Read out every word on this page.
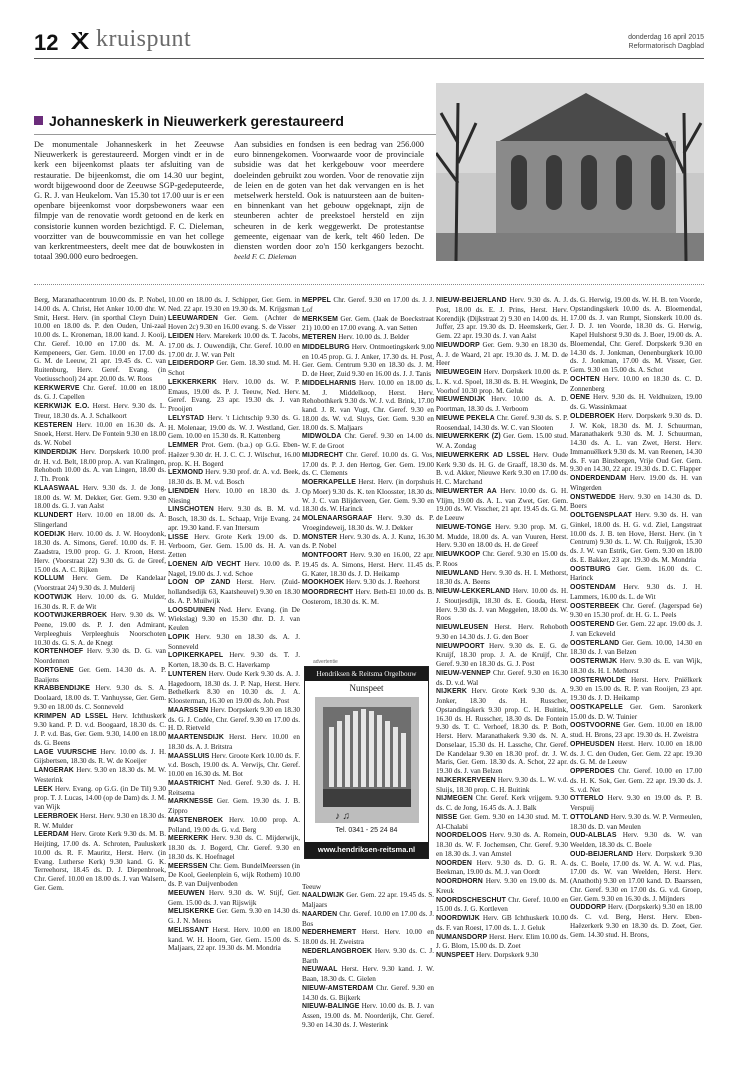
12 kruispunt	donderdag 16 april 2015
Reformatorisch Dagblad
Johanneskerk in Nieuwerkerk gerestaureerd
De monumentale Johanneskerk in het Zeeuwse Nieuwerkerk is gerestaureerd. Morgen vindt er in de kerk een bijeenkomst plaats ter afsluiting van de restauratie. De bijeenkomst, die om 14.30 uur begint, wordt bijgewoond door de Zeeuwse SGP-gedeputeerde, G. R. J. van Heukelom. Van 15.30 tot 17.00 uur is er een openbare bijeenkomst voor dorpsbewoners waar een filmpje van de renovatie wordt getoond en de kerk en consistorie kunnen worden bezichtigd. F. C. Dieleman, voorzitter van de bouwcommissie en van het college van kerkrentmeesters, deelt mee dat de bouwkosten in totaal 390.000 euro bedroegen.
Aan subsidies en fondsen is een bedrag van 256.000 euro binnengekomen. Voorwaarde voor de provinciale subsidie was dat het kerkgebouw voor meerdere doeleinden gebruikt zou worden. Voor de renovatie zijn de leien en de goten van het dak vervangen en is het metselwerk hersteld. Ook is natuursteen aan de buiten- en binnenkant van het gebouw opgeknapt, zijn de steunberen achter de preekstoel hersteld en zijn scheuren in de kerk weggewerkt. De protestantse gemeente, eigenaar van de kerk, telt 460 leden. De diensten worden door zo'n 150 kerkgangers bezocht. beeld F. C. Dieleman

Berg, Maranathacentrum 10.00 ds. P. Nobel, 14.00 ds. A. Christ, Het Anker 10.00 dhr. W. Smit, Herst. Herv. (in sporthal Cleyn Duin) 10.00 en 18.00 ds. P. den Ouden, Uni-zaal 10.00 ds. L. Kroneman, 18.00 kand. J. Kooij, Chr. Geref. 10.00 en 17.00 ds. M. A. Kempeneers, Ger. Gem. 10.00 en 17.00 ds. G. M. de Leeuw, 21 apr. 19.45 ds. C. van Ruitenburg, Herv. Geref. Evang. (in Voetiusschool) 24 apr. 20.00 ds. W. Roos

KERKWERVE Chr. Geref. 10.00 en 18.00 ds. G. J. Capellen

KERKWIJK E.O. Herst. Herv. 9.30 ds. L. Treur, 18.30 ds. A. J. Schalkoort

KESTEREN Herv. 10.00 en 16.30 ds. A. Snoek, Herst. Herv. De Fontein 9.30 en 18.00 ds. W. Nobel

KINDERDIJK Herv. Dorpskerk 10.00 prof. dr. H. v.d. Belt, 18.00 prop. A. van Kralingen, Rehoboth 10.00 ds. A. van Lingen, 18.00 ds. J. Th. Pronk

KLAASWAAL Herv. 9.30 ds. J. de Jong, 18.00 ds. W. M. Dekker, Ger. Gem. 9.30 en 18.00 ds. G. J. van Aalst

KLUNDERT Herv. 10.00 en 18.00 ds. A. Slingerland

KOEDIJK Herv. 10.00 ds. J. W. Hooydonk, 18.30 ds. A. Simons, Geref. 10.00 ds. F. H. Zaadstra, 19.00 prop. G. J. Kroon, Herst. Herv. (Voorstraat 22) 9.30 ds. G. de Greef, 15.00 ds. A. C. Rijken

KOLLUM Herv. Gem. De Kandelaar (Voorstraat 24) 9.30 ds. J. Mulderij

KOOTWIJK Herv. 10.00 ds. G. Mulder, 16.30 ds. R. F. de Wit

KOOTWIJKERBROEK Herv. 9.30 ds. W. Peene, 19.00 ds. P. J. den Admirant, Verpleeghuis Verpleeghuis Noorschoten 10.30 ds. G. S. A. de Knegt

KORTENHOEF Herv. 9.30 ds. D. G. van Noordennen

KORTGENE Ger. Gem. 14.30 ds. A. P. Baaijens

KRABBENDIJKE Herv. 9.30 ds. S. A. Doolaard, 18.00 ds. T. Vanhuysse, Ger. Gem. 9.30 en 18.00 ds. C. Sonneveld

KRIMPEN AD LSSEL Herv. Ichthuskerk 9.30 kand. P. D. v.d. Boogaard, 18.30 ds. C. J. P. v.d. Bas, Ger. Gem. 9.30, 14.00 en 18.00 ds. G. Beens

LAGE VUURSCHE Herv. 10.00 ds. J. H. Gijsbertsen, 18.30 ds. R. W. de Koeijer

LANGERAK Herv. 9.30 en 18.30 ds. M. W. Westerink

LEEK Herv. Evang. op G.G. (in De Til) 9.30 prop. T. J. Lucas, 14.00 (op de Dam) ds. J. M. van Wijk

LEERBROEK Herst. Herv. 9.30 en 18.30 ds. R. W. Mulder

LEERDAM Herv. Grote Kerk 9.30 ds. M. B. Heijting, 17.00 ds. A. Schroten, Pauluskerk 10.00 ds. R. F. Mauritz, Herst. Herv. (in Evang. Lutherse Kerk) 9.30 kand. G. K. Terreehorst, 18.45 ds. D. J. Diepenbroek, Chr. Geref. 10.00 en 18.00 ds. J. van Walsem, Ger. Gem.

10.00 en 18.00 ds. J. Schipper, Ger. Gem. in Ned. 22 apr. 19.30 en 19.30 ds. M. Krijgsman

LEEUWARDEN Ger. Gem. (Achter de Hoven 2c) 9.30 en 16.00 evang. S. de Visser

LEIDEN Herv. Marekerk 10.00 ds. T. Jacobs, 17.00 ds. J. Ouwendijk, Chr. Geref. 10.00 en 17.00 dr. J. W. van Pelt

LEIDERDORP Ger. Gem. 18.30 stud. M. H. Schot

LEKKERKERK Herv. 10.00 ds. W. P. Emaus, 19.00 ds. P. J. Teeuw, Ned. Herv. Geref. Evang. 23 apr. 19.30 ds. J. van Prooijen

LELYSTAD Herv. 't Lichtschip 9.30 ds. G. H. Molenaar, 19.00 ds. W. J. Westland, Ger. Gem. 10.00 en 15.30 ds. R. Kattenberg

LEMMER Prot. Gem. (b.a.) op G.G. Eben-Haëzer 9.30 dr. H. J. C. C. J. Wilschut, 16.00 prop. K. H. Bogerd

LEXMOND Herv. 9.30 prof. dr. A. v.d. Beek, 18.30 ds. B. M. v.d. Bosch

LIENDEN Herv. 10.00 en 18.30 ds. J. Niesing

LINSCHOTEN Herv. 9.30 ds. B. M. v.d. Bosch, 18.30 ds. L. Schaap, Vrije Evang. 24 apr. 19.30 kand. F. van Ittersum

LISSE Herv. Grote Kerk 19.00 ds. D. Verboom, Ger. Gem. 15.00 ds. H. A. van Zetten

LOENEN A/D VECHT Herv. 10.00 ds. P. Nagel, 19.00 ds. J. v.d. Schoe

LOON OP ZAND Herst. Herv. (Zuid-hollandsedijk 63, Kaatsheuvel) 9.30 en 18.30 ds. A. P. Muilwijk

LOOSDUINEN Ned. Herv. Evang. (in De Wiekslag) 9.30 en 15.30 dhr. D. J. van Keulen

LOPIK Herv. 9.30 en 18.30 ds. A. J. Sonneveld

LOPIKERKAPEL Herv. 9.30 ds. T. J. Korten, 18.30 ds. B. C. Haverkamp

LUNTEREN Herv. Oude Kerk 9.30 ds. A. J. Hagedoorn, 18.30 ds. J. P. Nap, Herst. Herv. Bethelkerk 8.30 en 10.30 ds. J. A. Kloosterman, 16.30 en 19.00 ds. Joh. Post

MAARSSEN Herv. Dorpskerk 9.30 en 18.30 ds. G. J. Codée, Chr. Geref. 9.30 en 17.00 ds. H. D. Rietveld

MAARTENSDIJK Herst. Herv. 10.00 en 18.30 ds. A. J. Britstra

MAASSLUIS Herv. Groote Kerk 10.00 ds. F. v.d. Bosch, 19.00 ds. A. Verwijs, Chr. Geref. 10.00 en 16.30 ds. M. Bot

MAASTRICHT Ned. Geref. 9.30 ds. J. H. Reitsema

MARKNESSE Ger. Gem. 19.30 ds. J. B. Zippro

MASTENBROEK Herv. 10.00 prop. A. Polland, 19.00 ds. G. v.d. Berg

MEERKERK Herv. 9.30 ds. C. Mijderwijk, 18.30 ds. J. Bogerd, Chr. Geref. 9.30 en 18.30 ds. K. Hoefnagel

MEERSSEN Chr. Gem. BundelMeerssen (in De Kool, Geelenplein 6, wijk Rothem) 10.00 ds. P. van Duijvenboden

MEEUWEN Herv. 9.30 ds. W. Stijf, Ger. Gem. 15.00 ds. J. van Rijswijk

MELISKERKE Ger. Gem. 9.30 en 14.30 ds. G. J. N. Meens

MELISSANT Herst. Herv. 10.00 en 18.00 kand. W. H. Hoorn, Ger. Gem. 15.00 ds. S. Maljaars, 22 apr. 19.30 ds. M. Mondria

MEPPEL Chr. Geref. 9.30 en 17.00 ds. J. J. Lof

MERKSEM Ger. Gem. (Jaak de Boeckstraat 21) 10.00 en 17.00 evang. A. van Setten

METEREN Herv. 10.00 ds. J. Belder

MIDDELBURG Herv. Ontmoetingskerk 9.00 en 10.45 prop. G. J. Anker, 17.30 ds. H. Post, Ger. Gem. Centrum 9.30 en 18.30 ds. J. M. D. de Heer, Zuid 9.30 en 16.00 ds. J. J. Tanis

MIDDELHARNIS Herv. 10.00 en 18.00 ds. M. J. Middelkoop, Herst. Herv. Rehobothkerk 9.30 ds. W. J. v.d. Brink, 17.00 kand. J. R. van Vugt, Chr. Geref. 9.30 en 18.00 ds. W. v.d. Sluys, Ger. Gem. 9.30 en 18.00 ds. S. Maljaars

MIDWOLDA Chr. Geref. 9.30 en 14.00 ds. W. F. de Groot

MIJDRECHT Chr. Geref. 10.00 ds. G. Vos, 17.00 ds. P. J. den Hertog, Ger. Gem. 19.00 ds. C. Clements

MOERKAPELLE Herst. Herv. (in dorpshuis Op Moer) 9.30 ds. K. ten Kloosster, 18.30 ds. W. J. C. van Blijderveen, Ger. Gem. 9.30 en 18.30 ds. W. Harinck

MOLENAARSGRAAF Herv. 9.30 ds. P. Vroegindeweij, 18.30 ds. W. J. Dekker

MONSTER Herv. 9.30 ds. A. J. Kunz, 16.30 ds. P. Nobel

MONTFOORT Herv. 9.30 en 16.00, 22 apr. 19.45 ds. A. Simons, Herst. Herv. 11.45 ds. G. Kater, 18.30 ds. J. D. Heikamp

MOOKHOEK Herv. 9.30 ds. J. Reehorst

MOORDRECHT Herv. Beth-El 10.00 ds. B. Oosterom, 18.30 ds. K. M.

Teeuw

NAALDWIJK Ger. Gem. 22 apr. 19.45 ds. S. Maljaars

NAARDEN Chr. Geref. 10.00 en 17.00 ds. J. Bos

NEDERHEMERT Herst. Herv. 10.00 en 18.00 ds. H. Zweistra

NEDERLANGBROEK Herv. 9.30 ds. C. J. Barth

NEUWAAL Herst. Herv. 9.30 kand. J. W. Baan, 18.30 ds. C. Gielen

NIEUW-AMSTERDAM Chr. Geref. 9.30 en 14.30 ds. G. Bijkerk

NIEUW-BALINGE Herv. 10.00 ds. B. J. van Assen, 19.00 ds. M. Noorderijk, Chr. Geref. 9.30 en 14.30 ds. J. Westerink

NIEUW-BEIJERLAND Herv. 9.30 ds. A. J. Post, 18.00 ds. E. J. Prins, Herst. Herv. Korendijk (Dijkstraat 2) 9.30 en 14.00 ds. H. Juffer, 23 apr. 19.30 ds. D. Heemskerk, Ger. Gem. 22 apr. 19.30 ds. J. van Aalst

NIEUWDORP Ger. Gem. 9.30 en 18.30 ds. A. J. de Waard, 21 apr. 19.30 ds. J. M. D. de Heer

NIEUWEGEIN Herv. Dorpskerk 10.00 ds. P. L. K. v.d. Spoel, 18.30 ds. B. H. Weegink, De Voorhof 10.30 prop. M. Geluk

NIEUWENDIJK Herv. 10.00 ds. A. D. Poortman, 18.30 ds. J. Verboom

NIEUWE PEKELA Chr. Geref. 9.30 ds. S. P. Roosendaal, 14.30 ds. W. C. van Slooten

NIEUWERKERK (Z) Ger. Gem. 15.00 stud. W. A. Zondag

NIEUWERKERK AD LSSEL Herv. Oude Kerk 9.30 ds. H. G. de Graaff, 18.30 ds. M. B. v.d. Akker, Nieuwe Kerk 9.30 en 17.00 ds. H. C. Marchand

NIEUWERTER AA Herv. 10.00 ds. G. H. Vlijm, 19.00 ds. A. L. van Zwet, Ger. Gem. 19.00 ds. W. Visscher, 21 apr. 19.45 ds. G. M. de Leeuw

NIEUWE-TONGE Herv. 9.30 prop. M. G. M. Mudde, 18.00 ds. A. van Vuuren, Herst. Herv. 9.30 en 18.00 ds. H. de Greef

NIEUWKOOP Chr. Geref. 9.30 en 15.00 ds. P. Roos

NIEUWLAND Herv. 9.30 ds. H. I. Methorst, 18.30 ds. A. Beens

NIEUW-LEKKERLAND Herv. 10.00 ds. H. J. Stoutjesdijk, 18.30 ds. E. Gouda, Herst. Herv. 9.30 ds. J. van Meggelen, 18.00 ds. W. Roos

NIEUWLEUSEN Herst. Herv. Rehoboth 9.30 en 14.30 ds. J. G. den Boer

NIEUWPOORT Herv. 9.30 ds. E. G. de Kruijf, 18.30 prop. J. A. de Kruijf, Chr. Geref. 9.30 en 18.30 ds. G. J. Post

NIEUW-VENNEP Chr. Geref. 9.30 en 16.30 ds. D. v.d. Wal

NIJKERK Herv. Grote Kerk 9.30 ds. A. Jonker, 18.30 ds. H. Russcher, Opstandingskerk 9.30 prop. C. H. Buitink, 16.30 ds. H. Russcher, 18.30 ds. De Fontein 9.30 ds. T. C. Verhoef, 18.30 ds. P. Both, Herst. Herv. Maranathakerk 9.30 ds. N. A. Donselaar, 15.30 ds. H. Lassche, Chr. Geref. De Kandelaar 9.30 en 18.30 prof. dr. J. W. Maris, Ger. Gem. 18.30 ds. A. Schot, 22 apr. 19.30 ds. J. van Belzen

NIJKERKERVEEN Herv. 9.30 ds. L. W. v.d. Sluijs, 18.30 prop. C. H. Buitink

NIJMEGEN Chr. Geref. Kerk vrijgem. 9.30 ds. C. de Jong, 16.45 ds. A. J. Balk

NISSE Ger. Gem. 9.30 en 14.30 stud. M. T. Al-Chalabi

NOORDELOOS Herv. 9.30 ds. A. Romein, 18.30 ds. W. F. Jochemsen, Chr. Geref. 9.30 en 18.30 ds. J. van Amstel

NOORDEN Herv. 9.30 ds. D. G. R. A. Beekman, 19.00 ds. M. J. van Oordt

NOORDHORN Herv. 9.30 en 19.00 ds. M. Kreuk

NOORDSCHESCHUT Chr. Geref. 10.00 en 15.00 ds. J. G. Kortleven

NOORDWIJK Herv. GB Ichthuskerk 10.00 ds. F. van Roest, 17.00 ds. L. J. Geluk

NUMANSDORP Herst. Herv. Elim 10.00 ds. J. G. Blom, 15.00 ds. D. Zoet

NUNSPEET Herv. Dorpskerk 9.30

ds. G. Herwig, 19.00 ds. W. H. B. ten Voorde, Opstandingskerk 10.00 ds. A. Bloemendal, 17.00 ds. J. van Rumpt, Sionskerk 10.00 ds. J. D. J. ten Voorde, 18.30 ds. G. Herwig, Kapel Hulshorst 9.30 ds. J. Boer, 19.00 ds. A. Bloemendal, Chr. Geref. Dorpskerk 9.30 en 14.30 ds. J. Jonkman, Oenenburgkerk 10.00 ds. J. Jonkman, 17.00 ds. M. Visser, Ger. Gem. 9.30 en 15.00 ds. A. Schot

OCHTEN Herv. 10.00 en 18.30 ds. C. D. Zonnenberg

OENE Herv. 9.30 ds. H. Veldhuizen, 19.00 ds. G. Wassinkmaat

OLDEBROEK Herv. Dorpskerk 9.30 ds. D. J. W. Kok, 18.30 ds. M. J. Schuurman, Maranathakerk 9.30 ds. M. J. Schuurman, 14.30 ds. A. L. van Zwet, Herst. Herv. Immanuëlkerk 9.30 ds. M. van Reenen, 14.30 ds. F. van Binsbergen, Vrije Oud Ger. Gem. 9.30 en 14.30, 22 apr. 19.30 ds. D. C. Flapper

ONDERDENDAM Herv. 19.00 ds. H. van Wingerden

ONSTWEDDE Herv. 9.30 en 14.30 ds. D. Boers

OOLTGENSPLAAT Herv. 9.30 ds. H. van Ginkel, 18.00 ds. H. G. v.d. Ziel, Langstraat 10.00 ds. J. B. ten Hove, Herst. Herv. (in 't Centrum) 9.30 ds. L. W. Ch. Ruijgrok, 15.30 ds. J. W. van Estrik, Ger. Gem. 9.30 en 18.00 ds. E. Bakker, 23 apr. 19.30 ds. M. Mondria

OOSTBURG Ger. Gem. 16.00 ds. C. Harinck

OOSTENDAM Herv. 9.30 ds. J. H. Lammers, 16.00 ds. L. de Wit

OOSTERBEEK Chr. Geref. (Jagerspad 6e) 9.30 en 15.30 prof. dr. H. G. L. Peels

OOSTEREND Ger. Gem. 22 apr. 19.00 ds. J. J. van Eckeveld

OOSTERLAND Ger. Gem. 10.00, 14.30 en 18.30 ds. J. van Belzen

OOSTERWIJK Herv. 9.30 ds. E. van Wijk, 18.30 ds. H. I. Methorst

OOSTERWOLDE Herst. Herv. Pniëlkerk 9.30 en 15.00 ds. R. P. van Rooijen, 23 apr. 19.30 ds. J. D. Heikamp

OOSTKAPELLE Ger. Gem. Saronkerk 15.00 ds. D. W. Tuinier

OOSTVOORNE Ger. Gem. 10.00 en 18.00 stud. H. Brons, 23 apr. 19.30 ds. H. Zweistra

OPHEUSDEN Herst. Herv. 10.00 en 18.00 ds. J. C. den Ouden, Ger. Gem. 22 apr. 19.30 ds. G. M. de Leeuw

OPPERDOES Chr. Geref. 10.00 en 17.00 ds. H. K. Sok, Ger. Gem. 22 apr. 19.30 ds. J. S. v.d. Net

OTTERLO Herv. 9.30 en 19.00 ds. P. B. Verspuij

OTTOLAND Herv. 9.30 ds. W. P. Vermeulen, 18.30 ds. D. van Meulen

OUD-ALBLAS Herv. 9.30 ds. W. van Weelden, 18.30 ds. C. Boele

OUD-BEIJERLAND Herv. Dorpskerk 9.30 ds. C. Boele, 17.00 ds. W. A. W. v.d. Plas, 17.00 ds. W. van Weelden, Herst. Herv. (Anathoth) 9.30 en 17.00 kand. D. Baarssen, Chr. Geref. 9.30 en 17.00 ds. G. v.d. Groep, Ger. Gem. 9.30 en 16.30 ds. J. Mijnders

OUDDORP Herv. (Dorpskerk) 9.30 en 18.00 ds. C. v.d. Berg, Herst. Herv. Eben-Haëzerkerk 9.30 en 18.30 ds. D. Zoet, Ger. Gem. 14.30 stud. H. Brons,

advertentie
Hendriksen & Reitsma Orgelbouw
Nunspeet
♪ ♫
Tel. 0341 - 25 24 84
www.hendriksen-reitsma.nl
